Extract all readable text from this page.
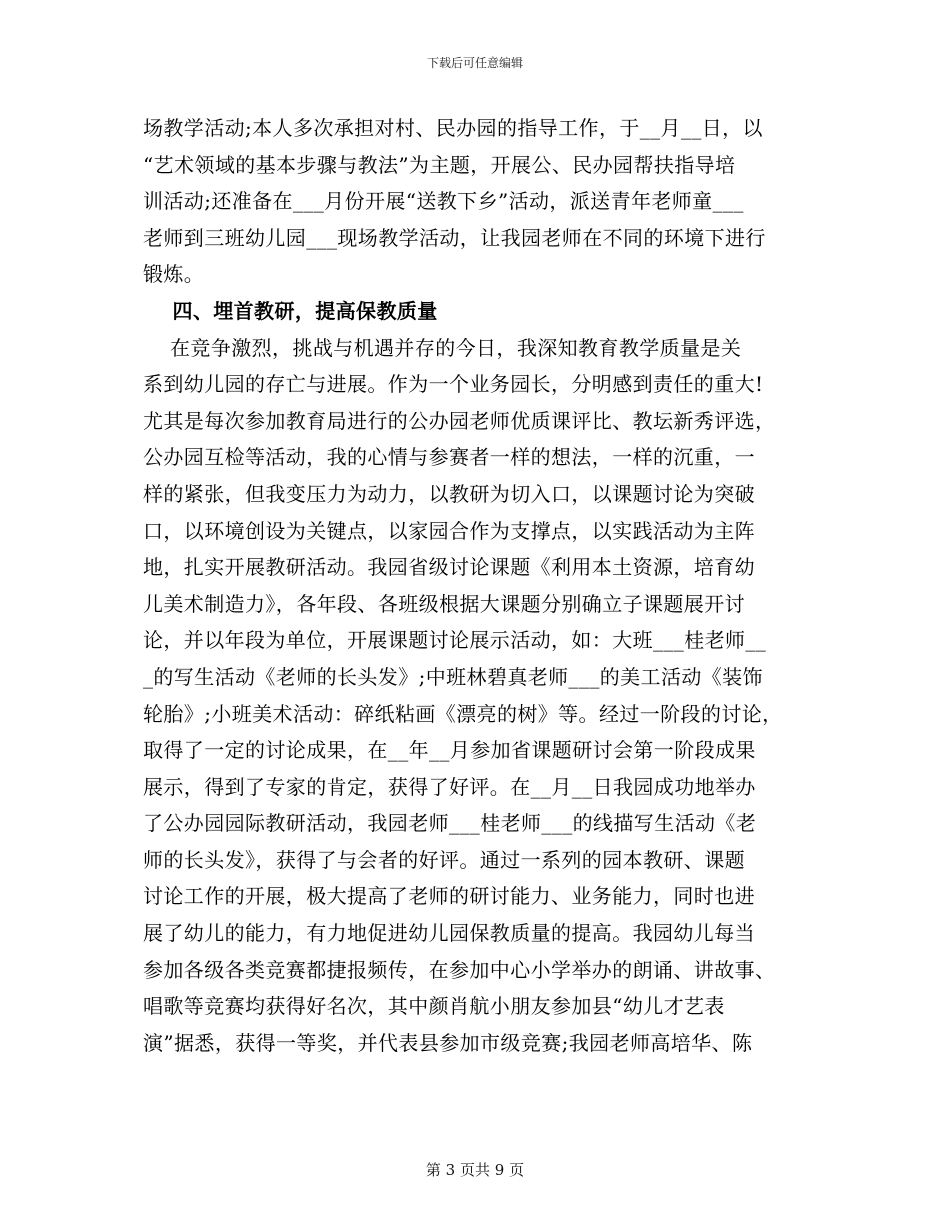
下载后可任意编辑
场教学活动;本人多次承担对村、民办园的指导工作，于__月__日，以
“艺术领域的基本步骤与教法”为主题，开展公、民办园帮扶指导培
训活动;还准备在___月份开展“送教下乡”活动，派送青年老师童___
老师到三班幼儿园___现场教学活动，让我园老师在不同的环境下进行
锻炼。
四、埋首教研，提高保教质量
在竞争激烈，挑战与机遇并存的今日，我深知教育教学质量是关
系到幼儿园的存亡与进展。作为一个业务园长，分明感到责任的重大!
尤其是每次参加教育局进行的公办园老师优质课评比、教坛新秀评选，
公办园互检等活动，我的心情与参赛者一样的想法，一样的沉重，一
样的紧张，但我变压力为动力，以教研为切入口，以课题讨论为突破
口，以环境创设为关键点，以家园合作为支撑点，以实践活动为主阵
地，扎实开展教研活动。我园省级讨论课题《利用本土资源，培育幼
儿美术制造力》，各年段、各班级根据大课题分别确立子课题展开讨
论，并以年段为单位，开展课题讨论展示活动，如：大班___桂老师__
_的写生活动《老师的长头发》;中班林碧真老师___的美工活动《装饰
轮胎》;小班美术活动：碎纸粘画《漂亮的树》等。经过一阶段的讨论，
取得了一定的讨论成果，在__年__月参加省课题研讨会第一阶段成果
展示，得到了专家的肯定，获得了好评。在__月__日我园成功地举办
了公办园园际教研活动，我园老师___桂老师___的线描写生活动《老
师的长头发》，获得了与会者的好评。通过一系列的园本教研、课题
讨论工作的开展，极大提高了老师的研讨能力、业务能力，同时也进
展了幼儿的能力，有力地促进幼儿园保教质量的提高。我园幼儿每当
参加各级各类竞赛都捷报频传，在参加中心小学举办的朗诵、讲故事、
唱歌等竞赛均获得好名次，其中颜肖航小朋友参加县“幼儿才艺表
演”据悉，获得一等奖，并代表县参加市级竞赛;我园老师高培华、陈
第 3 页共 9 页
